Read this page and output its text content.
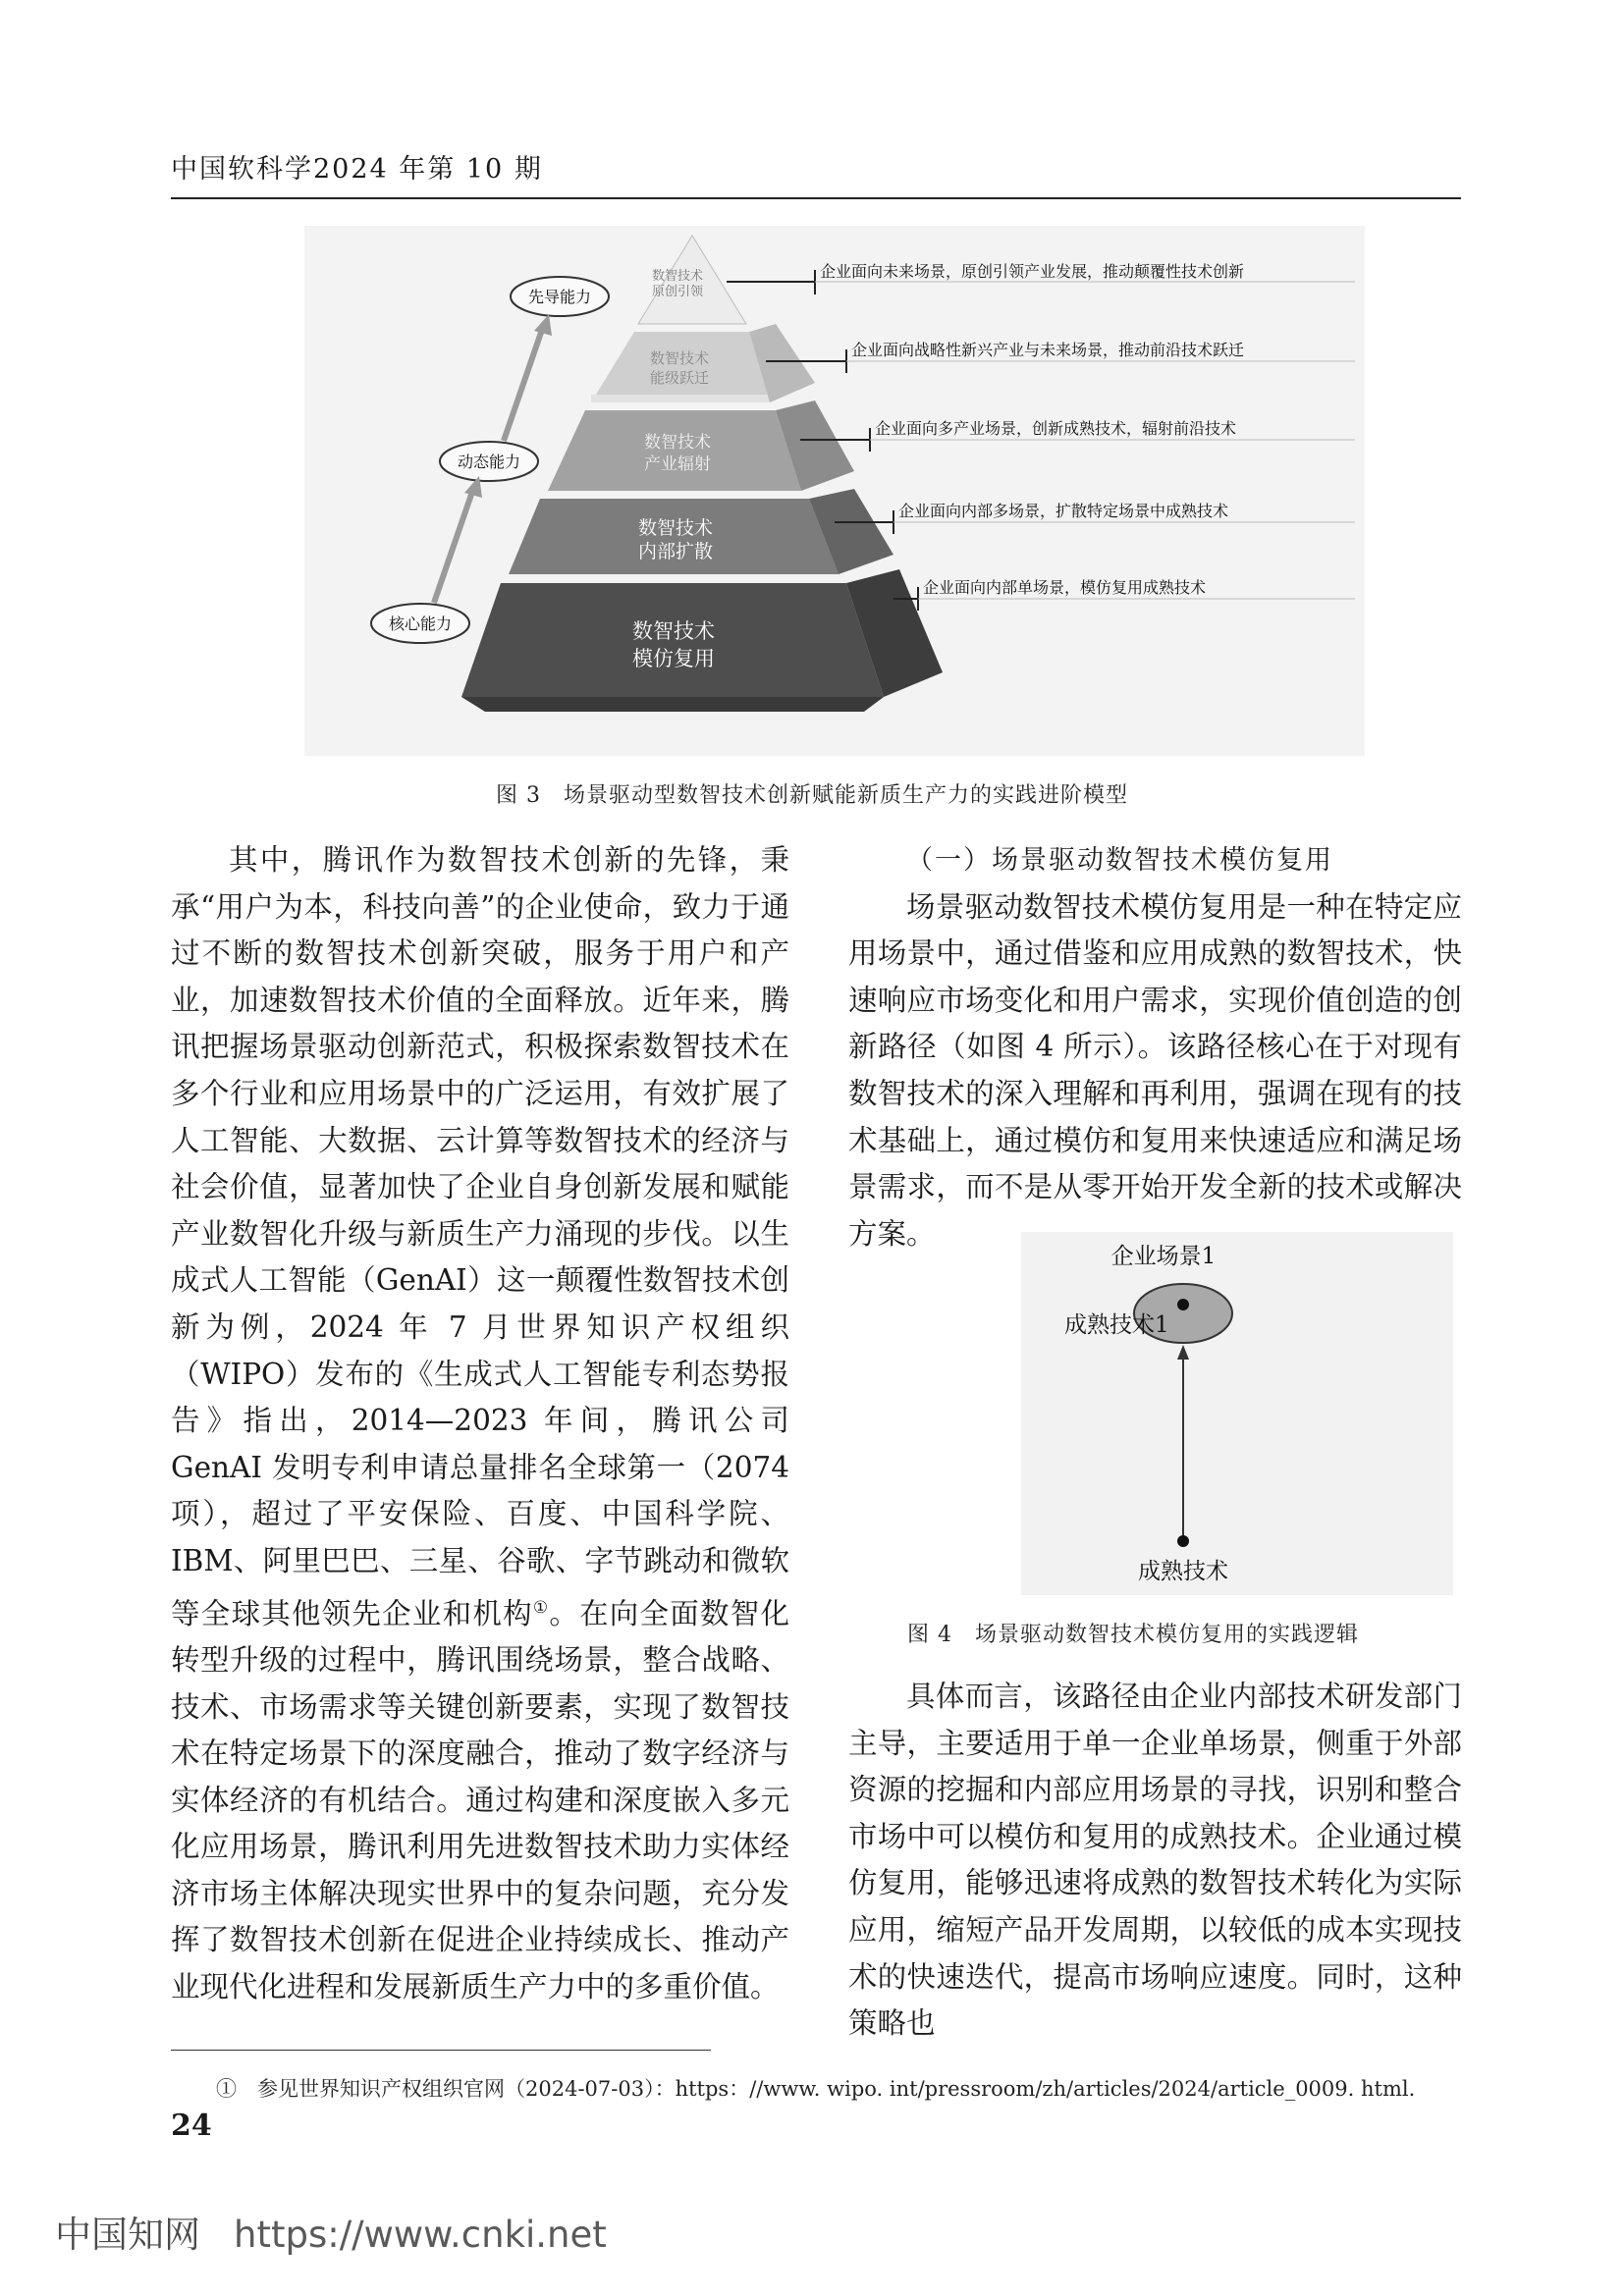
中国软科学2024 年第 10 期
数智技术
原创引领
数智技术
能级跃迁
数智技术
产业辐射
数智技术
内部扩散
数智技术
模仿复用
企业面向未来场景，原创引领产业发展，推动颠覆性技术创新
企业面向战略性新兴产业与未来场景，推动前沿技术跃迁
企业面向多产业场景，创新成熟技术，辐射前沿技术
企业面向内部多场景，扩散特定场景中成熟技术
企业面向内部单场景，模仿复用成熟技术
先导能力
动态能力
核心能力
图 3　场景驱动型数智技术创新赋能新质生产力的实践进阶模型

其中，腾讯作为数智技术创新的先锋，秉承“用户为本，科技向善”的企业使命，致力于通过不断的数智技术创新突破，服务于用户和产业，加速数智技术价值的全面释放。近年来，腾讯把握场景驱动创新范式，积极探索数智技术在多个行业和应用场景中的广泛运用，有效扩展了人工智能、大数据、云计算等数智技术的经济与社会价值，显著加快了企业自身创新发展和赋能产业数智化升级与新质生产力涌现的步伐。以生成式人工智能（GenAI）这一颠覆性数智技术创新为例，2024 年 7 月世界知识产权组织（WIPO）发布的《生成式人工智能专利态势报告》指出，2014—2023 年间，腾讯公司 GenAI 发明专利申请总量排名全球第一（2074 项），超过了平安保险、百度、中国科学院、IBM、阿里巴巴、三星、谷歌、字节跳动和微软等全球其他领先企业和机构①。在向全面数智化转型升级的过程中，腾讯围绕场景，整合战略、技术、市场需求等关键创新要素，实现了数智技术在特定场景下的深度融合，推动了数字经济与实体经济的有机结合。通过构建和深度嵌入多元化应用场景，腾讯利用先进数智技术助力实体经济市场主体解决现实世界中的复杂问题，充分发挥了数智技术创新在促进企业持续成长、推动产业现代化进程和发展新质生产力中的多重价值。

（一）场景驱动数智技术模仿复用

场景驱动数智技术模仿复用是一种在特定应用场景中，通过借鉴和应用成熟的数智技术，快速响应市场变化和用户需求，实现价值创造的创新路径（如图 4 所示）。该路径核心在于对现有数智技术的深入理解和再利用，强调在现有的技术基础上，通过模仿和复用来快速适应和满足场景需求，而不是从零开始开发全新的技术或解决方案。

企业场景1
成熟技术1
成熟技术
图 4　场景驱动数智技术模仿复用的实践逻辑

具体而言，该路径由企业内部技术研发部门主导，主要适用于单一企业单场景，侧重于外部资源的挖掘和内部应用场景的寻找，识别和整合市场中可以模仿和复用的成熟技术。企业通过模仿复用，能够迅速将成熟的数智技术转化为实际应用，缩短产品开发周期，以较低的成本实现技术的快速迭代，提高市场响应速度。同时，这种策略也

①　参见世界知识产权组织官网（2024-07-03）：https：//www. wipo. int/pressroom/zh/articles/2024/article_0009. html.
24
中国知网 https://www.cnki.net
